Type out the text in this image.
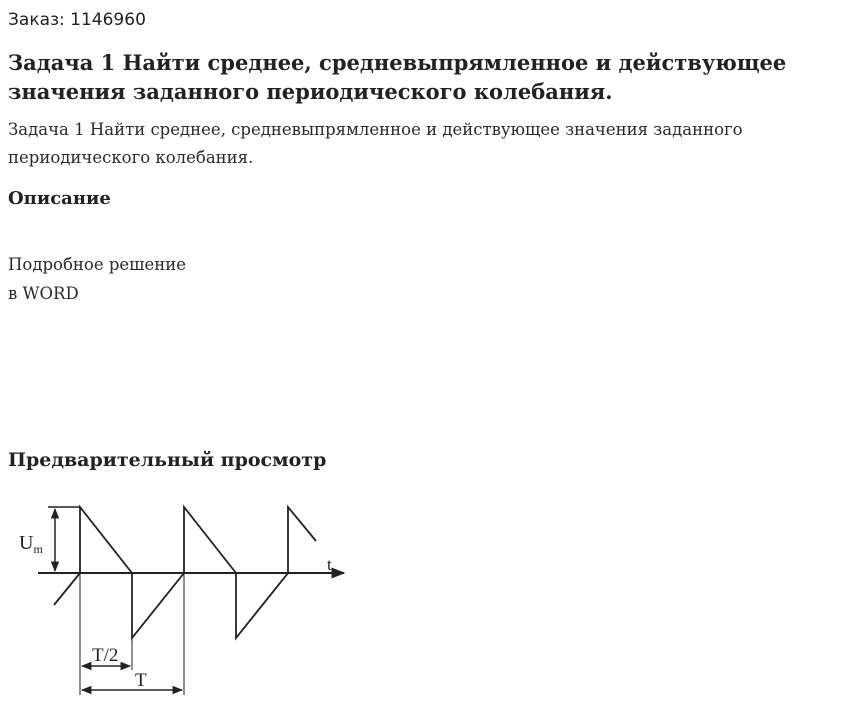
Заказ: 1146960
Задача 1 Найти среднее, средневыпрямленное и действующее значения заданного периодического колебания.

Задача 1 Найти среднее, средневыпрямленное и действующее значения заданного периодического колебания.

Описание
Подробное решение
в WORD
Предварительный просмотр
t
$U_m$
T/2
T
